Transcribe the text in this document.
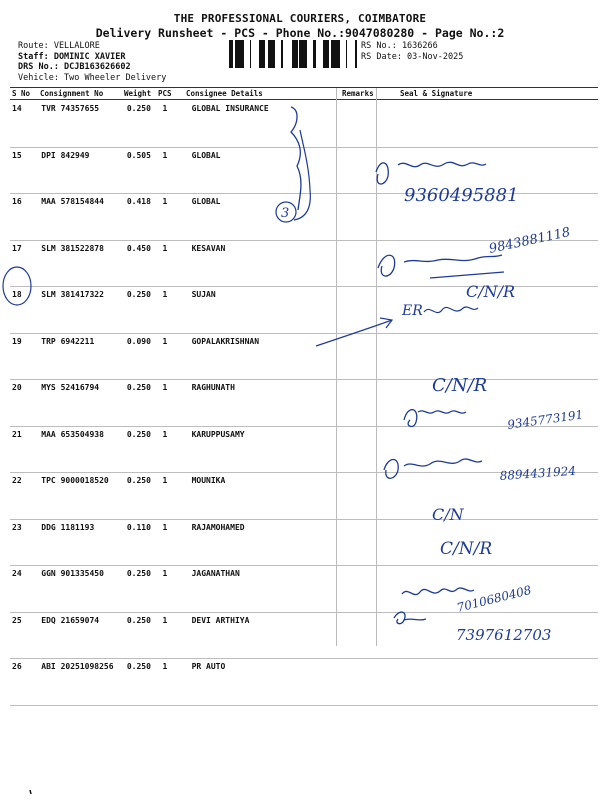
THE PROFESSIONAL COURIERS, COIMBATORE
Delivery Runsheet - PCS - Phone No.:9047080280 - Page No.:2
Route: VELLALORE
Staff: DOMINIC XAVIER
DRS No.: DCJB163626602
Vehicle: Two Wheeler Delivery
RS No.: 1636266
RS Date: 03-Nov-2025
S No Consignment No	Weight PCS Consignee Details	Remarks	Seal & Signature
14	TVR 74357655	0.250	1	GLOBAL INSURANCE		
15	DPI 842949	0.505	1	GLOBAL		
16	MAA 578154844	0.418	1	GLOBAL		
17	SLM 381522878	0.450	1	KESAVAN		
18	SLM 381417322	0.250	1	SUJAN		
19	TRP 6942211	0.090	1	GOPALAKRISHNAN		
20	MYS 52416794	0.250	1	RAGHUNATH		
21	MAA 653504938	0.250	1	KARUPPUSAMY		
22	TPC 9000018520	0.250	1	MOUNIKA		
23	DDG 1181193	0.110	1	RAJAMOHAMED		
24	GGN 901335450	0.250	1	JAGANATHAN		
25	EDQ 21659074	0.250	1	DEVI ARTHIYA		
26	ABI 20251098256	0.250	1	PR AUTO		
3
9360495881
9843881118
C/N/R
ER
C/N/R
9345773191
8894431924
C/N
C/N/R
7010680408
7397612703
